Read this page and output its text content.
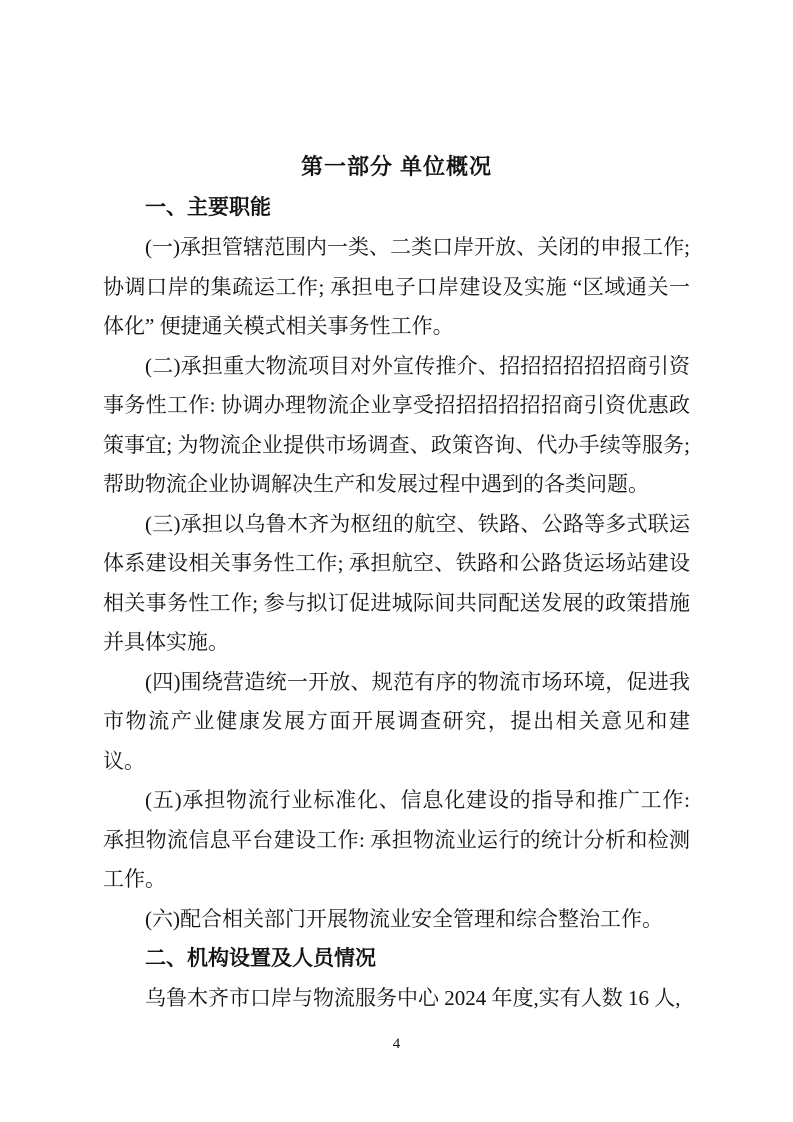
第一部分 单位概况
一、主要职能

(一)承担管辖范围内一类、二类口岸开放、关闭的申报工作; 协调口岸的集疏运工作; 承担电子口岸建设及实施 “区域通关一体化” 便捷通关模式相关事务性工作。

(二)承担重大物流项目对外宣传推介、招招招招招招商引资事务性工作: 协调办理物流企业享受招招招招招招商引资优惠政策事宜; 为物流企业提供市场调查、政策咨询、代办手续等服务; 帮助物流企业协调解决生产和发展过程中遇到的各类问题。

(三)承担以乌鲁木齐为枢纽的航空、铁路、公路等多式联运体系建设相关事务性工作; 承担航空、铁路和公路货运场站建设相关事务性工作; 参与拟订促进城际间共同配送发展的政策措施并具体实施。

(四)围绕营造统一开放、规范有序的物流市场环境，促进我市物流产业健康发展方面开展调查研究，提出相关意见和建议。

(五)承担物流行业标准化、信息化建设的指导和推广工作: 承担物流信息平台建设工作: 承担物流业运行的统计分析和检测工作。

(六)配合相关部门开展物流业安全管理和综合整治工作。

二、机构设置及人员情况

乌鲁木齐市口岸与物流服务中心 2024 年度,实有人数 16 人,

4
